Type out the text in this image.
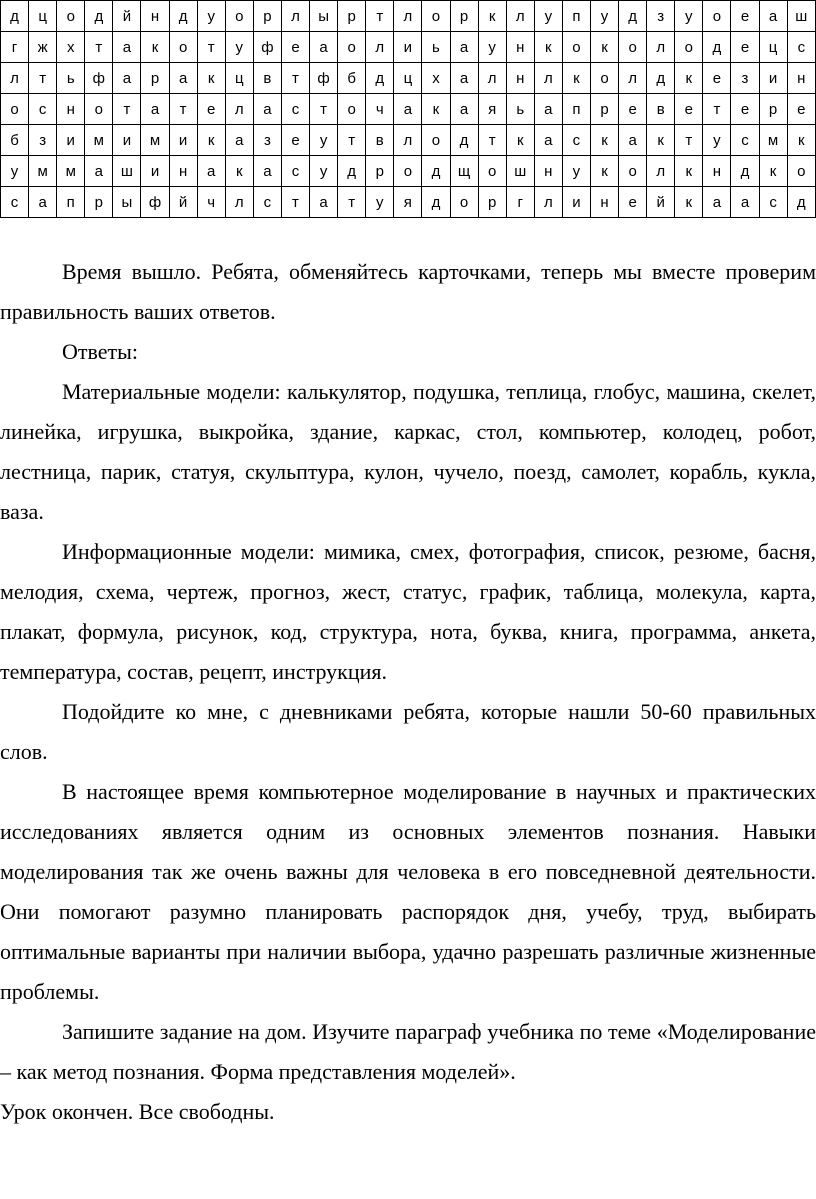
д	ц	о	д	й	н	д	у	о	р	л	ы	р	т	л	о	р	к	л	у	п	у	д	з	у	о	е	а	ш
г	ж	х	т	а	к	о	т	у	ф	е	а	о	л	и	ь	а	у	н	к	о	к	о	л	о	д	е	ц	с
л	т	ь	ф	а	р	а	к	ц	в	т	ф	б	д	ц	х	а	л	н	л	к	о	л	д	к	е	з	и	н
о	с	н	о	т	а	т	е	л	а	с	т	о	ч	а	к	а	я	ь	а	п	р	е	в	е	т	е	р	е
б	з	и	м	и	м	и	к	а	з	е	у	т	в	л	о	д	т	к	а	с	к	а	к	т	у	с	м	к
у	м	м	а	ш	и	н	а	к	а	с	у	д	р	о	д	щ	о	ш	н	у	к	о	л	к	н	д	к	о
с	а	п	р	ы	ф	й	ч	л	с	т	а	т	у	я	д	о	р	г	л	и	н	е	й	к	а	а	с	д

Время вышло. Ребята, обменяйтесь карточками, теперь мы вместе проверим правильность ваших ответов.

Ответы:

Материальные модели: калькулятор, подушка, теплица, глобус, машина, скелет, линейка, игрушка, выкройка, здание, каркас, стол, компьютер, колодец, робот, лестница, парик, статуя, скульптура, кулон, чучело, поезд, самолет, корабль, кукла, ваза.

Информационные модели: мимика, смех, фотография, список, резюме, басня, мелодия, схема, чертеж, прогноз, жест, статус, график, таблица, молекула, карта, плакат, формула, рисунок, код, структура, нота, буква, книга, программа, анкета, температура, состав, рецепт, инструкция.

Подойдите ко мне, с дневниками ребята, которые нашли 50-60 правильных слов.

В настоящее время компьютерное моделирование в научных и практических исследованиях является одним из основных элементов познания. Навыки моделирования так же очень важны для человека в его повседневной деятельности. Они помогают разумно планировать распорядок дня, учебу, труд, выбирать оптимальные варианты при наличии выбора, удачно разрешать различные жизненные проблемы.

Запишите задание на дом. Изучите параграф учебника по теме «Моделирование – как метод познания. Форма представления моделей».

Урок окончен. Все свободны.
